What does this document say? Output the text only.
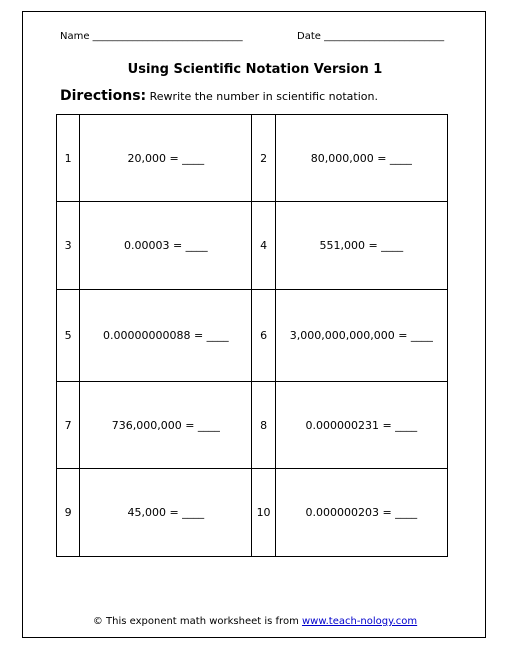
Name ______________________________	Date ________________________
Using Scientific Notation Version 1
Directions: Rewrite the number in scientific notation.
1	20,000 = ____	2	80,000,000 = ____
3	0.00003 = ____	4	551,000 = ____
5	0.00000000088 = ____	6	3,000,000,000,000 = ____
7	736,000,000 = ____	8	0.000000231 = ____
9	45,000 = ____	10	0.000000203 = ____
© This exponent math worksheet is from www.teach-nology.com
